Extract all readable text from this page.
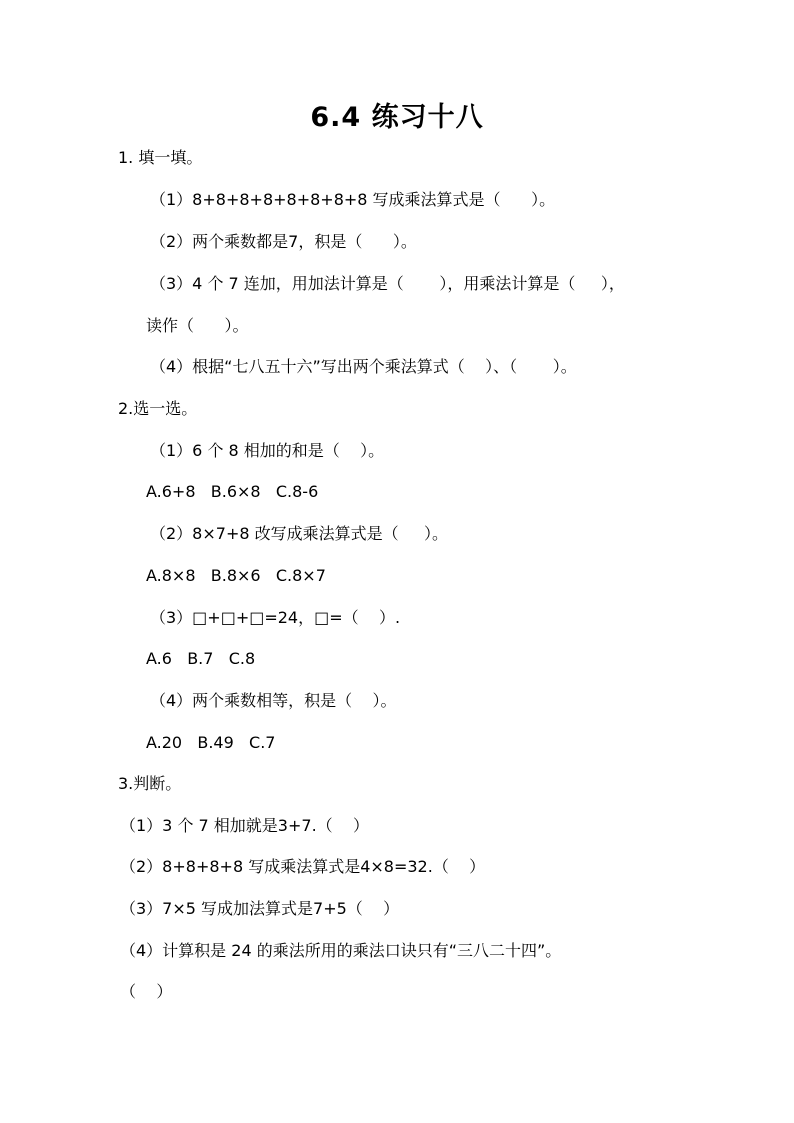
6.4 练习十八
1. 填一填。
（1）8+8+8+8+8+8+8+8 写成乘法算式是（      ）。
（2）两个乘数都是7，积是（      ）。
（3）4 个 7 连加，用加法计算是（       ），用乘法计算是（     ），
读作（      ）。
（4）根据“七八五十六”写出两个乘法算式（    ）、（       ）。
2.选一选。
（1）6 个 8 相加的和是（    ）。
A.6+8   B.6×8   C.8-6
（2）8×7+8 改写成乘法算式是（     ）。
A.8×8   B.8×6   C.8×7
（3）□+□+□=24，□=（    ）.
A.6   B.7   C.8
（4）两个乘数相等，积是（    ）。
A.20   B.49   C.7
3.判断。
（1）3 个 7 相加就是3+7.（    ）
（2）8+8+8+8 写成乘法算式是4×8=32.（    ）
（3）7×5 写成加法算式是7+5（    ）
（4）计算积是 24 的乘法所用的乘法口诀只有“三八二十四”。
（    ）
